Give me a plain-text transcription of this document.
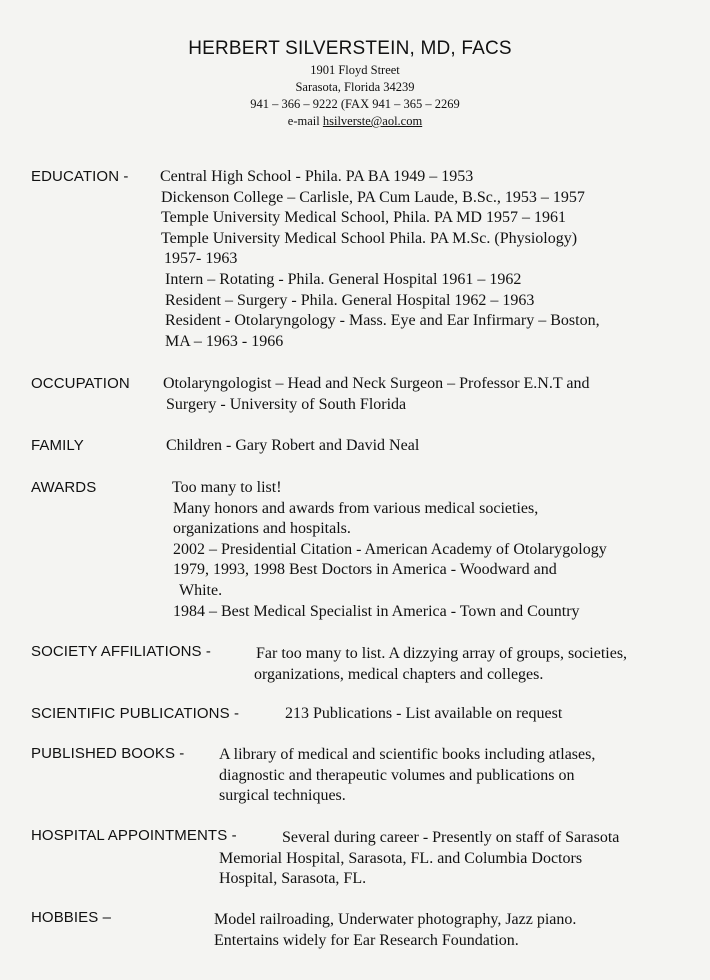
HERBERT SILVERSTEIN, MD, FACS
1901 Floyd Street
Sarasota, Florida 34239
941 – 366 – 9222 (FAX 941 – 365 – 2269
e-mail hsilverste@aol.com
EDUCATION - Central High School - Phila. PA BA 1949 – 1953
Dickenson College – Carlisle, PA Cum Laude, B.Sc., 1953 – 1957
Temple University Medical School, Phila. PA MD 1957 – 1961
Temple University Medical School Phila. PA M.Sc. (Physiology)
1957- 1963
Intern – Rotating - Phila. General Hospital 1961 – 1962
Resident – Surgery - Phila. General Hospital 1962 – 1963
Resident - Otolaryngology - Mass. Eye and Ear Infirmary – Boston,
MA – 1963 - 1966
OCCUPATION Otolaryngologist – Head and Neck Surgeon – Professor E.N.T and
Surgery - University of South Florida
FAMILY	Children - Gary Robert and David Neal
AWARDS	Too many to list!
Many honors and awards from various medical societies,
organizations and hospitals.
2002 – Presidential Citation - American Academy of Otolarygology
1979, 1993, 1998 Best Doctors in America - Woodward and
White.
1984 – Best Medical Specialist in America - Town and Country
SOCIETY AFFILIATIONS -	Far too many to list. A dizzying array of groups, societies,
organizations, medical chapters and colleges.
SCIENTIFIC PUBLICATIONS -	213 Publications - List available on request
PUBLISHED BOOKS - A library of medical and scientific books including atlases,
diagnostic and therapeutic volumes and publications on
surgical techniques.
HOSPITAL APPOINTMENTS -	Several during career - Presently on staff of Sarasota
Memorial Hospital, Sarasota, FL. and Columbia Doctors
Hospital, Sarasota, FL.
HOBBIES –	Model railroading, Underwater photography, Jazz piano.
Entertains widely for Ear Research Foundation.
